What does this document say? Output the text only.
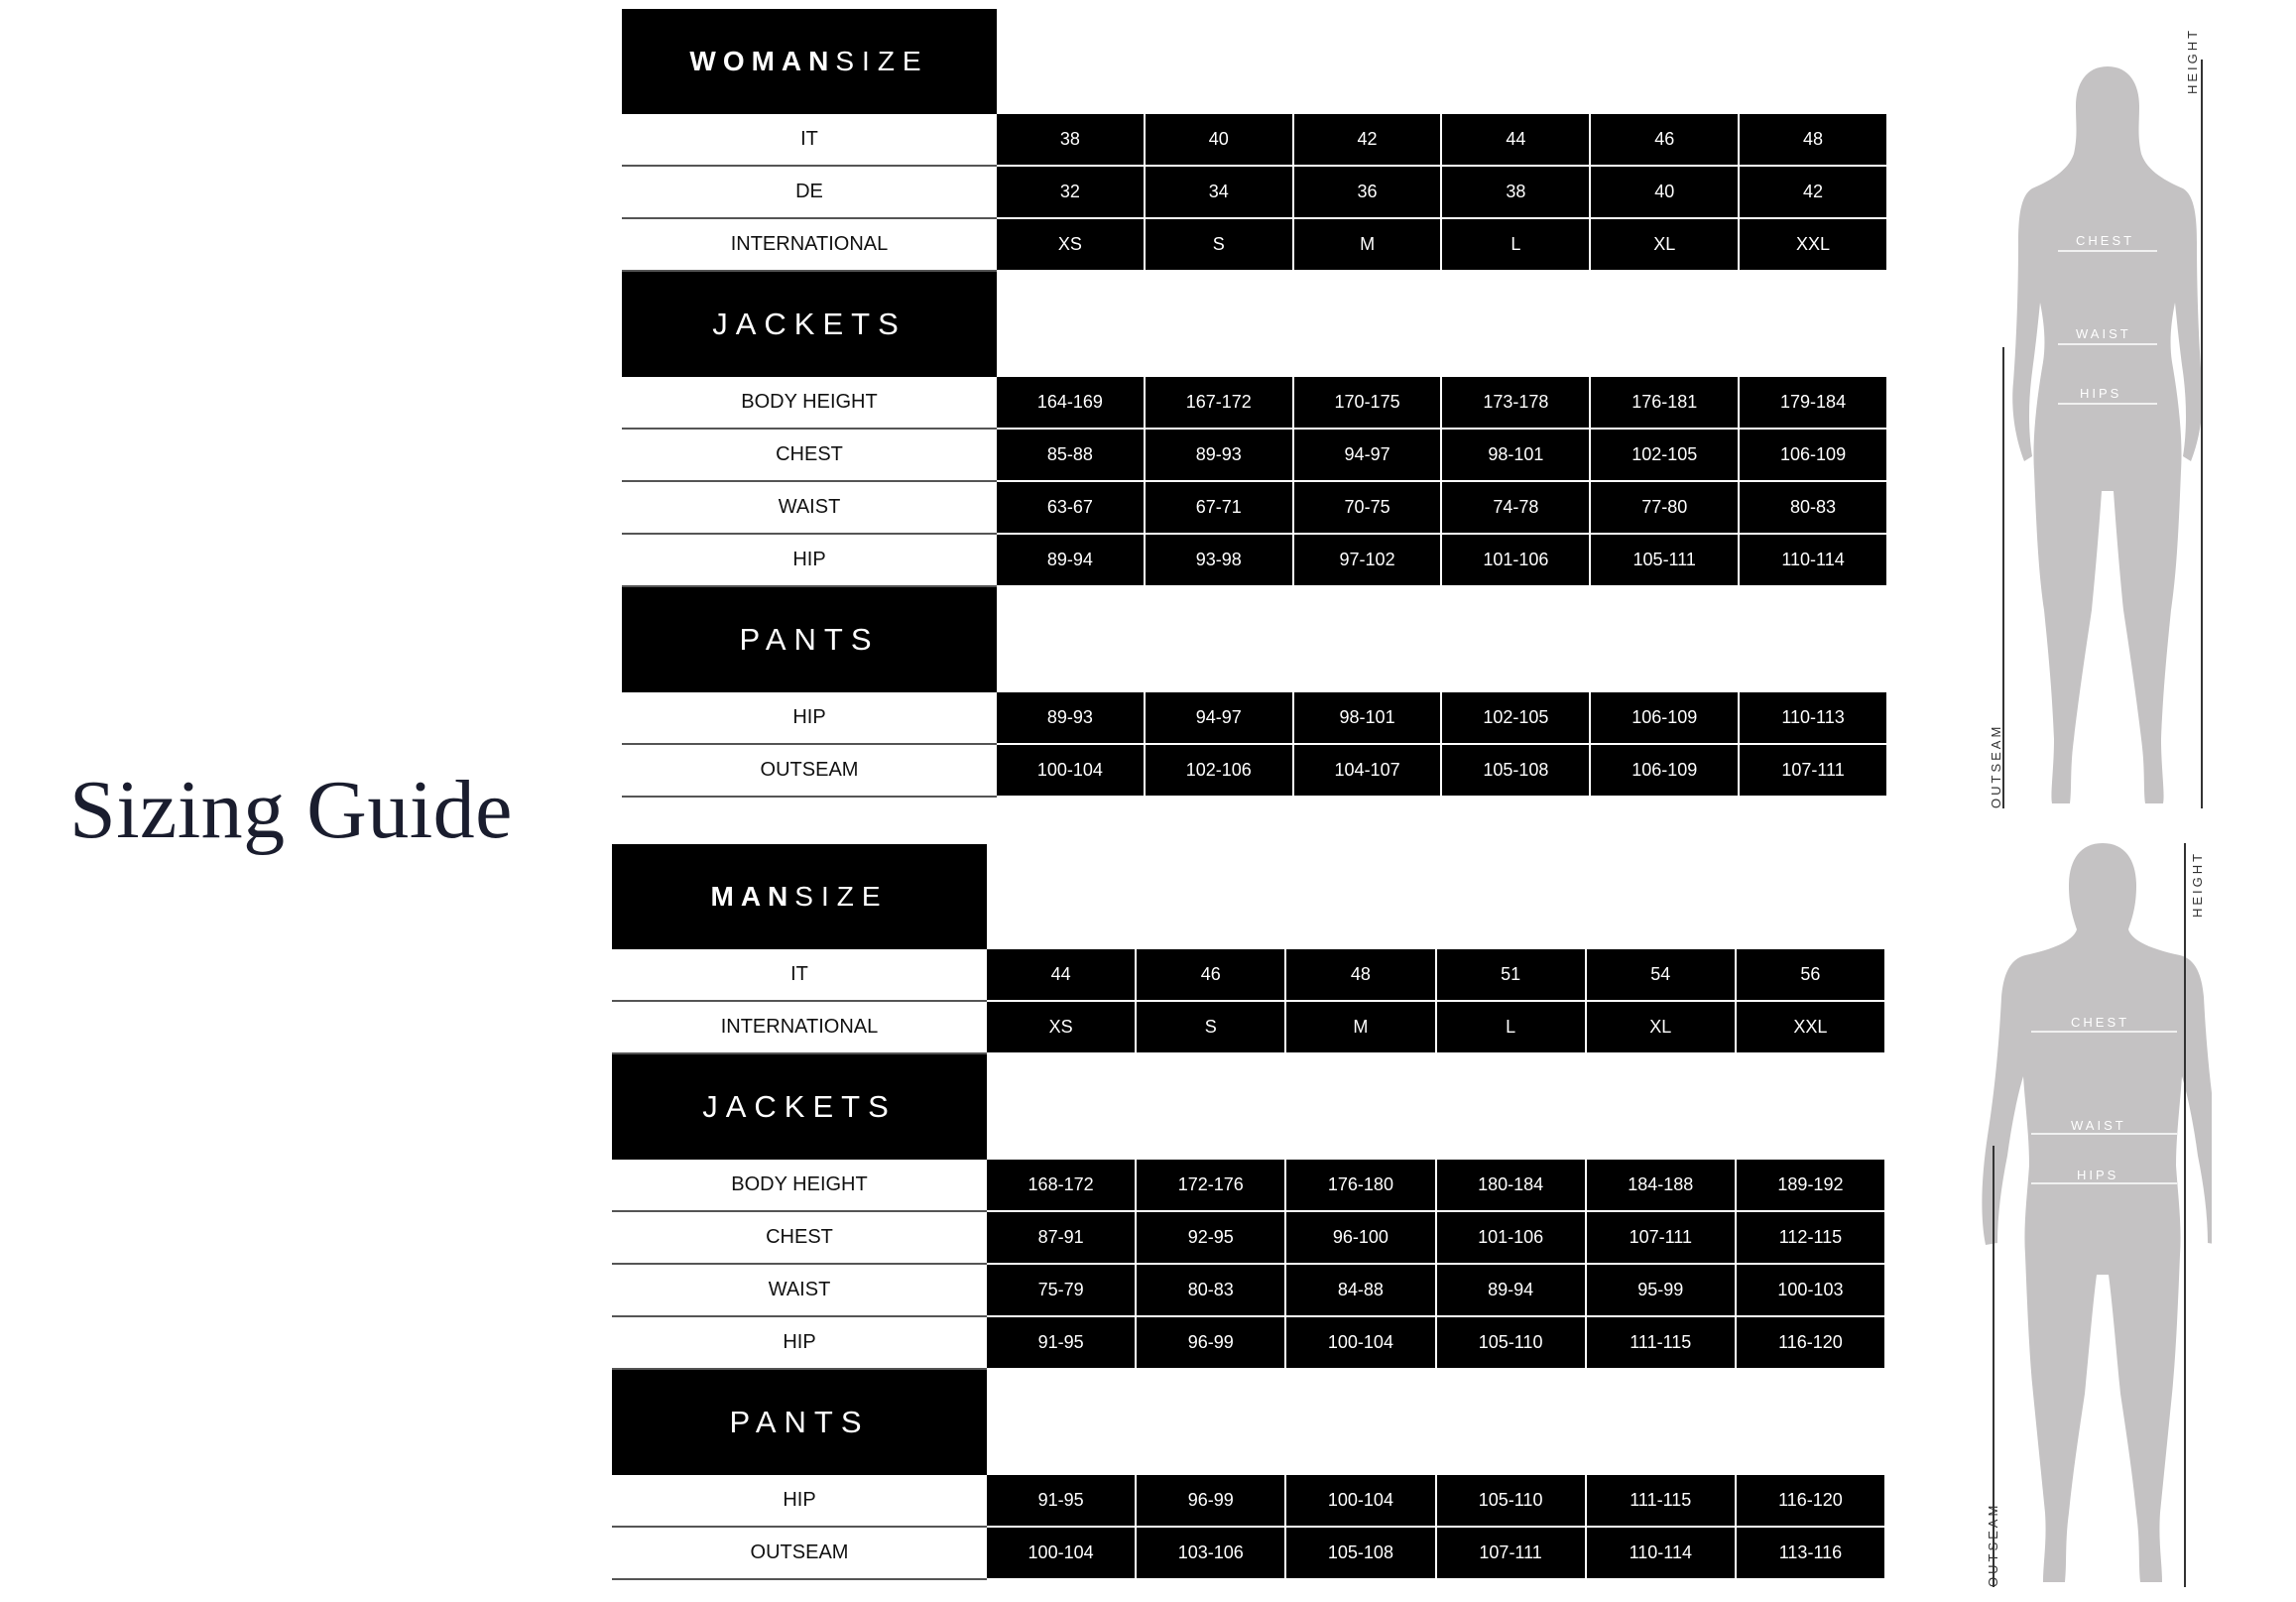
Sizing Guide
WOMAN SIZE
IT	38	40	42	44	46	48
DE	32	34	36	38	40	42
INTERNATIONAL	XS	S	M	L	XL	XXL
JACKETS
BODY HEIGHT	164-169	167-172	170-175	173-178	176-181	179-184
CHEST	85-88	89-93	94-97	98-101	102-105	106-109
WAIST	63-67	67-71	70-75	74-78	77-80	80-83
HIP	89-94	93-98	97-102	101-106	105-111	110-114
PANTS
HIP	89-93	94-97	98-101	102-105	106-109	110-113
OUTSEAM	100-104	102-106	104-107	105-108	106-109	107-111
MAN SIZE
IT	44	46	48	51	54	56
INTERNATIONAL	XS	S	M	L	XL	XXL
JACKETS
BODY HEIGHT	168-172	172-176	176-180	180-184	184-188	189-192
CHEST	87-91	92-95	96-100	101-106	107-111	112-115
WAIST	75-79	80-83	84-88	89-94	95-99	100-103
HIP	91-95	96-99	100-104	105-110	111-115	116-120
PANTS
HIP	91-95	96-99	100-104	105-110	111-115	116-120
OUTSEAM	100-104	103-106	105-108	107-111	110-114	113-116
HEIGHT
CHEST
WAIST
HIPS
OUTSEAM
HEIGHT
CHEST
WAIST
HIPS
OUTSEAM
